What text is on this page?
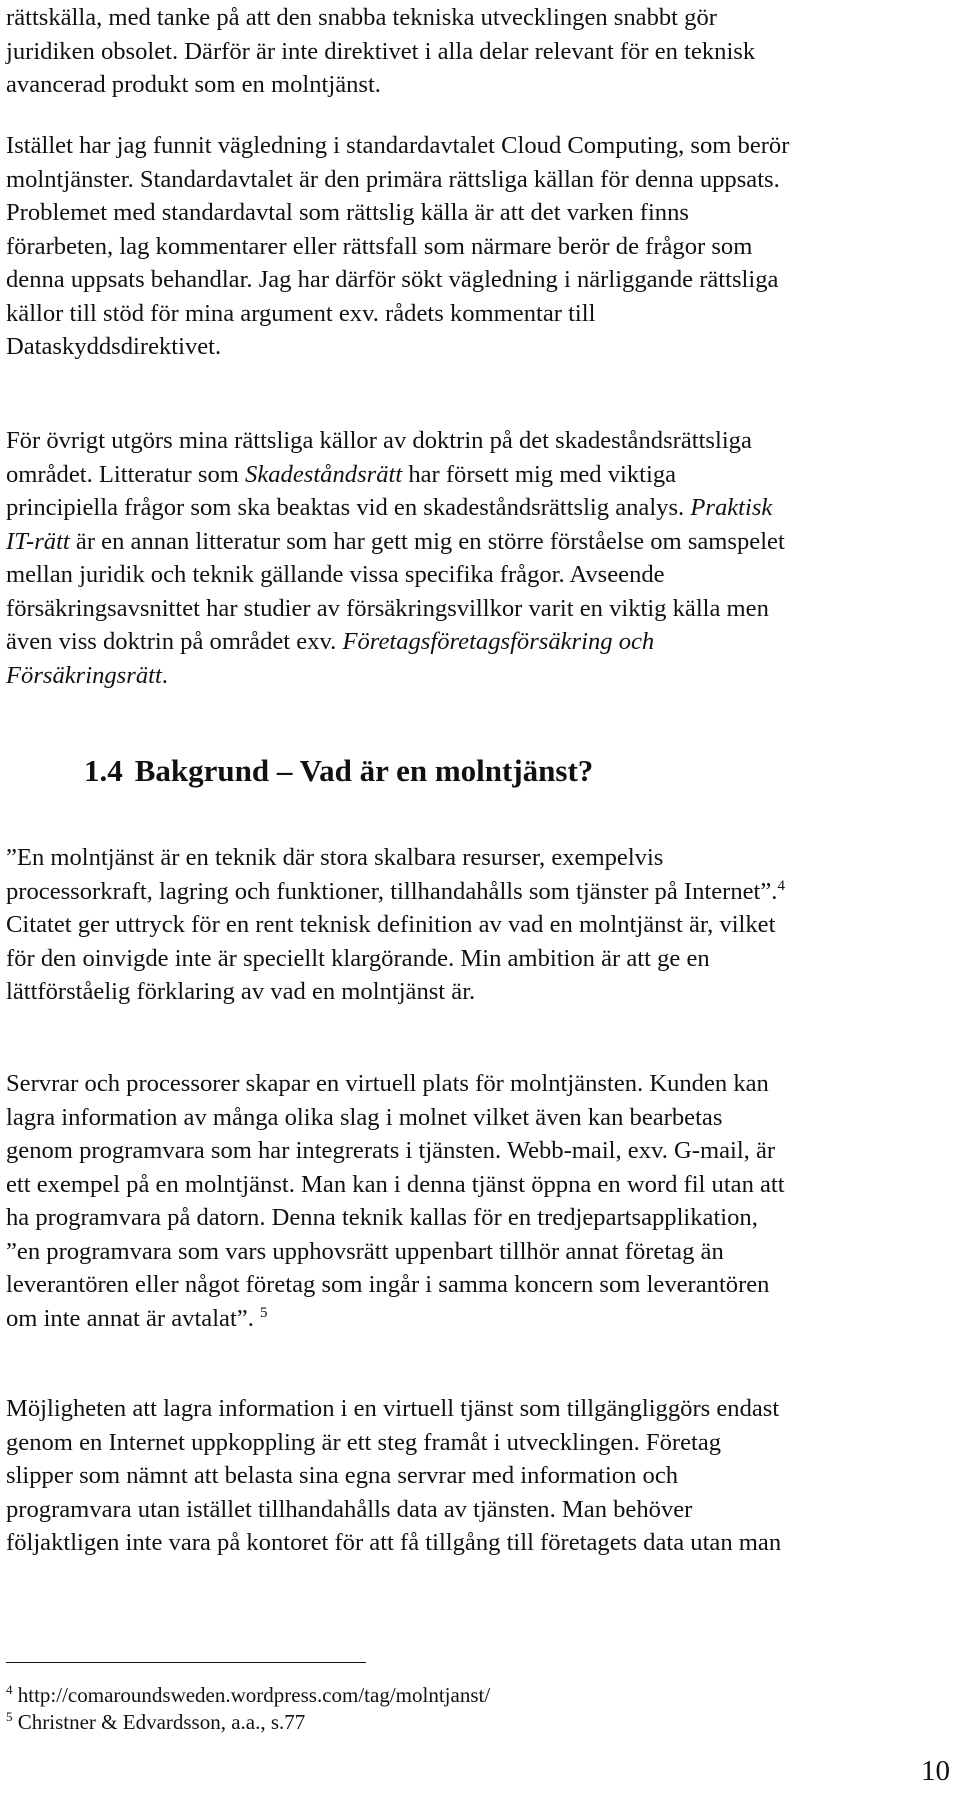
rättskälla, med tanke på att den snabba tekniska utvecklingen snabbt gör
juridiken obsolet. Därför är inte direktivet i alla delar relevant för en teknisk
avancerad produkt som en molntjänst.

Istället har jag funnit vägledning i standardavtalet Cloud Computing, som berör
molntjänster. Standardavtalet är den primära rättsliga källan för denna uppsats.
Problemet med standardavtal som rättslig källa är att det varken finns
förarbeten, lag kommentarer eller rättsfall som närmare berör de frågor som
denna uppsats behandlar. Jag har därför sökt vägledning i närliggande rättsliga
källor till stöd för mina argument exv. rådets kommentar till
Dataskyddsdirektivet.

För övrigt utgörs mina rättsliga källor av doktrin på det skadeståndsrättsliga
området. Litteratur som Skadeståndsrätt har försett mig med viktiga
principiella frågor som ska beaktas vid en skadeståndsrättslig analys. Praktisk
IT-rätt är en annan litteratur som har gett mig en större förståelse om samspelet
mellan juridik och teknik gällande vissa specifika frågor. Avseende
försäkringsavsnittet har studier av försäkringsvillkor varit en viktig källa men
även viss doktrin på området exv. Företagsföretagsförsäkring och
Försäkringsrätt.

1.4 Bakgrund – Vad är en molntjänst?

”En molntjänst är en teknik där stora skalbara resurser, exempelvis
processorkraft, lagring och funktioner, tillhandahålls som tjänster på Internet”.$^4$
Citatet ger uttryck för en rent teknisk definition av vad en molntjänst är, vilket
för den oinvigde inte är speciellt klargörande. Min ambition är att ge en
lättförståelig förklaring av vad en molntjänst är.

Servrar och processorer skapar en virtuell plats för molntjänsten. Kunden kan
lagra information av många olika slag i molnet vilket även kan bearbetas
genom programvara som har integrerats i tjänsten. Webb-mail, exv. G-mail, är
ett exempel på en molntjänst. Man kan i denna tjänst öppna en word fil utan att
ha programvara på datorn. Denna teknik kallas för en tredjepartsapplikation,
”en programvara som vars upphovsrätt uppenbart tillhör annat företag än
leverantören eller något företag som ingår i samma koncern som leverantören
om inte annat är avtalat”. $^5$

Möjligheten att lagra information i en virtuell tjänst som tillgängliggörs endast
genom en Internet uppkoppling är ett steg framåt i utvecklingen. Företag
slipper som nämnt att belasta sina egna servrar med information och
programvara utan istället tillhandahålls data av tjänsten. Man behöver
följaktligen inte vara på kontoret för att få tillgång till företagets data utan man

$^4$ http://comaroundsweden.wordpress.com/tag/molntjanst/

$^5$ Christner & Edvardsson, a.a., s.77

10
